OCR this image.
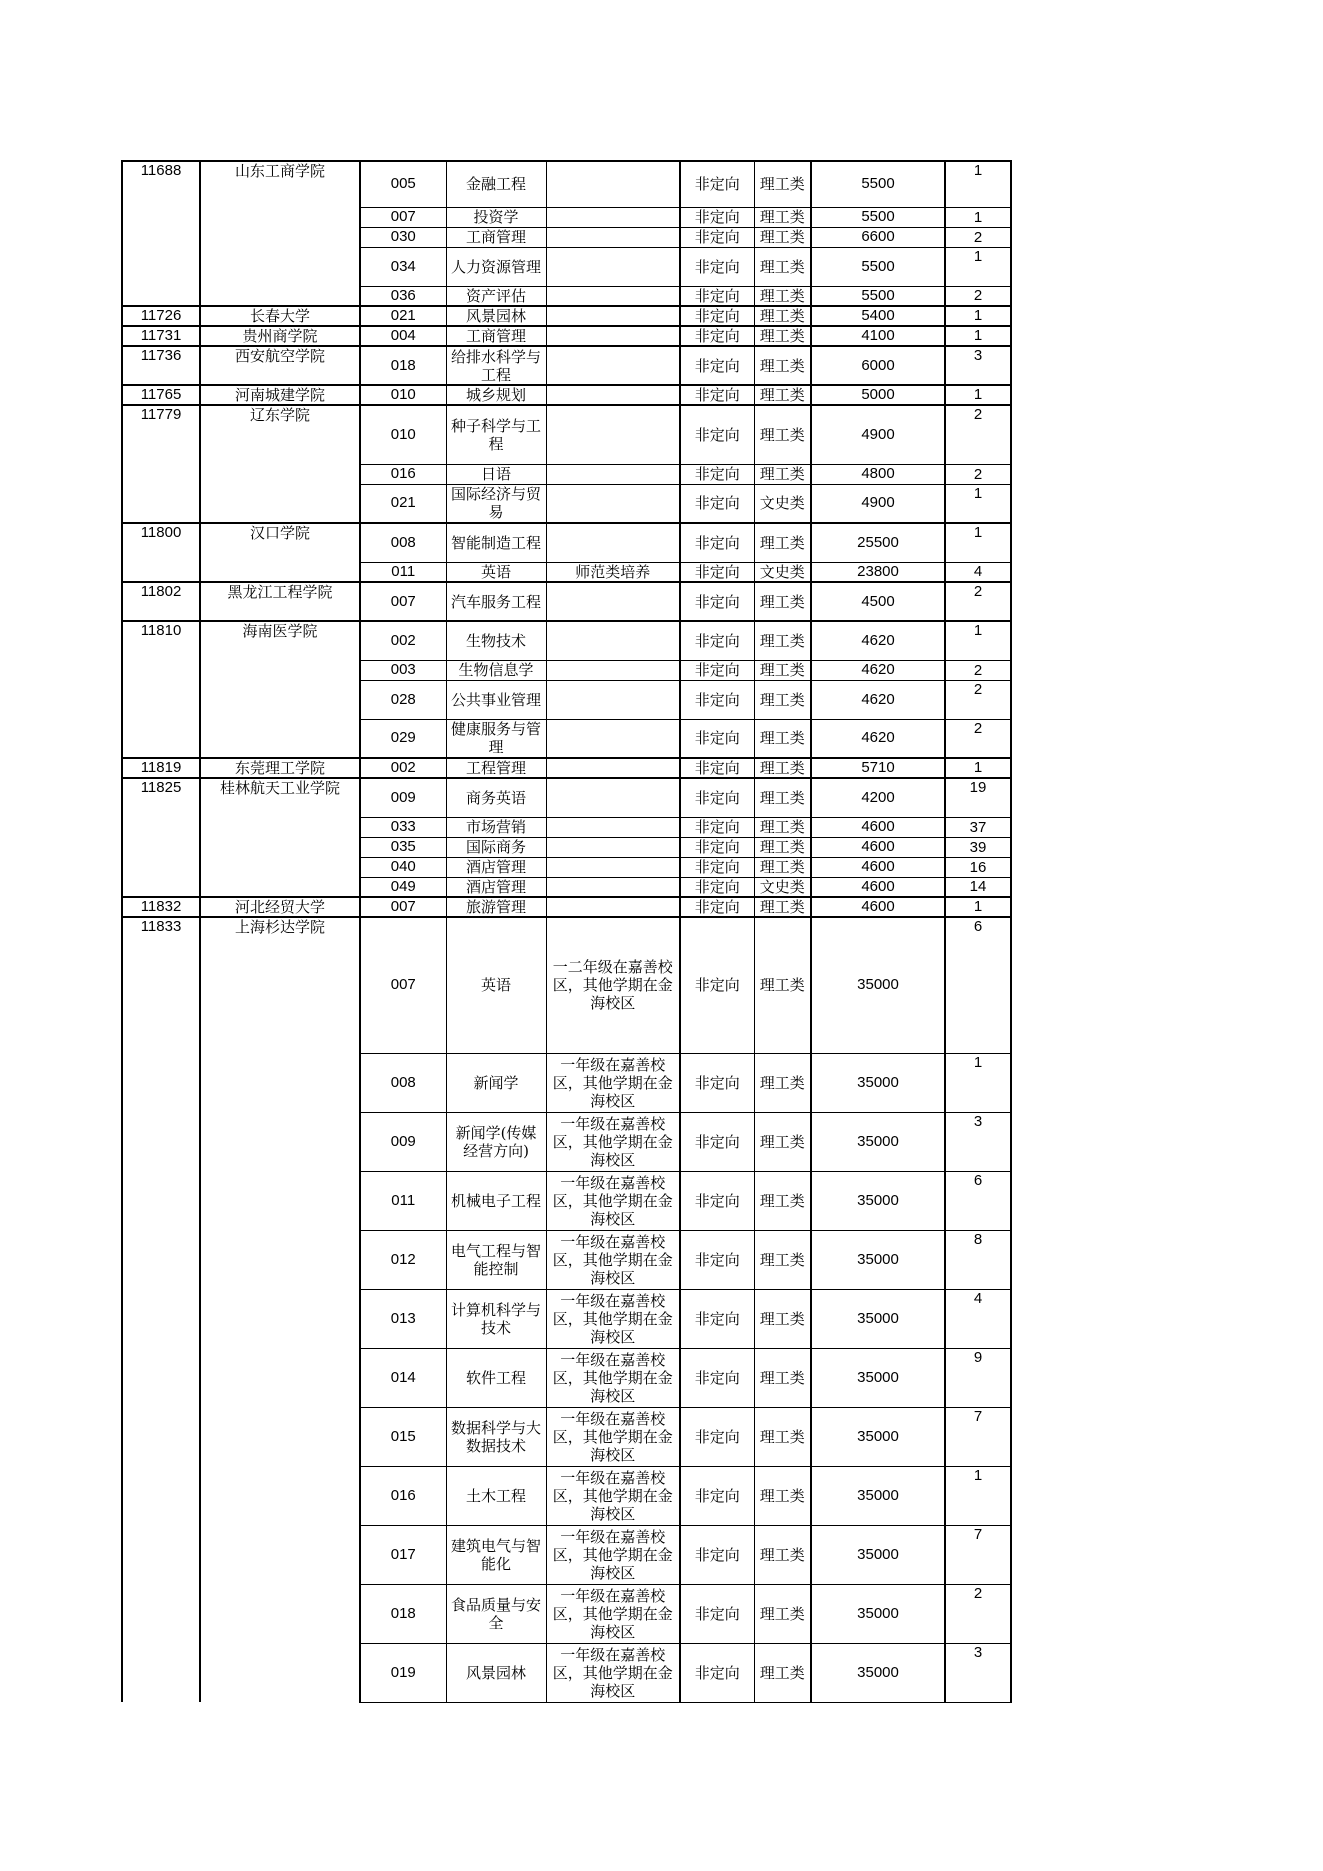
11688	山东工商学院	005	金融工程		非定向	理工类	5500	1
		007	投资学		非定向	理工类	5500	1
		030	工商管理		非定向	理工类	6600	2
		034	人力资源管理		非定向	理工类	5500	1
		036	资产评估		非定向	理工类	5500	2
11726	长春大学	021	风景园林		非定向	理工类	5400	1
11731	贵州商学院	004	工商管理		非定向	理工类	4100	1
11736	西安航空学院	018	给排水科学与工程		非定向	理工类	6000	3
11765	河南城建学院	010	城乡规划		非定向	理工类	5000	1
11779	辽东学院	010	种子科学与工程		非定向	理工类	4900	2
		016	日语		非定向	理工类	4800	2
		021	国际经济与贸易		非定向	文史类	4900	1
11800	汉口学院	008	智能制造工程		非定向	理工类	25500	1
		011	英语	师范类培养	非定向	文史类	23800	4
11802	黑龙江工程学院	007	汽车服务工程		非定向	理工类	4500	2
11810	海南医学院	002	生物技术		非定向	理工类	4620	1
		003	生物信息学		非定向	理工类	4620	2
		028	公共事业管理		非定向	理工类	4620	2
		029	健康服务与管理		非定向	理工类	4620	2
11819	东莞理工学院	002	工程管理		非定向	理工类	5710	1
11825	桂林航天工业学院	009	商务英语		非定向	理工类	4200	19
		033	市场营销		非定向	理工类	4600	37
		035	国际商务		非定向	理工类	4600	39
		040	酒店管理		非定向	理工类	4600	16
		049	酒店管理		非定向	文史类	4600	14
11832	河北经贸大学	007	旅游管理		非定向	理工类	4600	1
11833	上海杉达学院	007	英语	一二年级在嘉善校区，其他学期在金海校区	非定向	理工类	35000	6
		008	新闻学	一年级在嘉善校区，其他学期在金海校区	非定向	理工类	35000	1
		009	新闻学(传媒经营方向)	一年级在嘉善校区，其他学期在金海校区	非定向	理工类	35000	3
		011	机械电子工程	一年级在嘉善校区，其他学期在金海校区	非定向	理工类	35000	6
		012	电气工程与智能控制	一年级在嘉善校区，其他学期在金海校区	非定向	理工类	35000	8
		013	计算机科学与技术	一年级在嘉善校区，其他学期在金海校区	非定向	理工类	35000	4
		014	软件工程	一年级在嘉善校区，其他学期在金海校区	非定向	理工类	35000	9
		015	数据科学与大数据技术	一年级在嘉善校区，其他学期在金海校区	非定向	理工类	35000	7
		016	土木工程	一年级在嘉善校区，其他学期在金海校区	非定向	理工类	35000	1
		017	建筑电气与智能化	一年级在嘉善校区，其他学期在金海校区	非定向	理工类	35000	7
		018	食品质量与安全	一年级在嘉善校区，其他学期在金海校区	非定向	理工类	35000	2
		019	风景园林	一年级在嘉善校区，其他学期在金海校区	非定向	理工类	35000	3
